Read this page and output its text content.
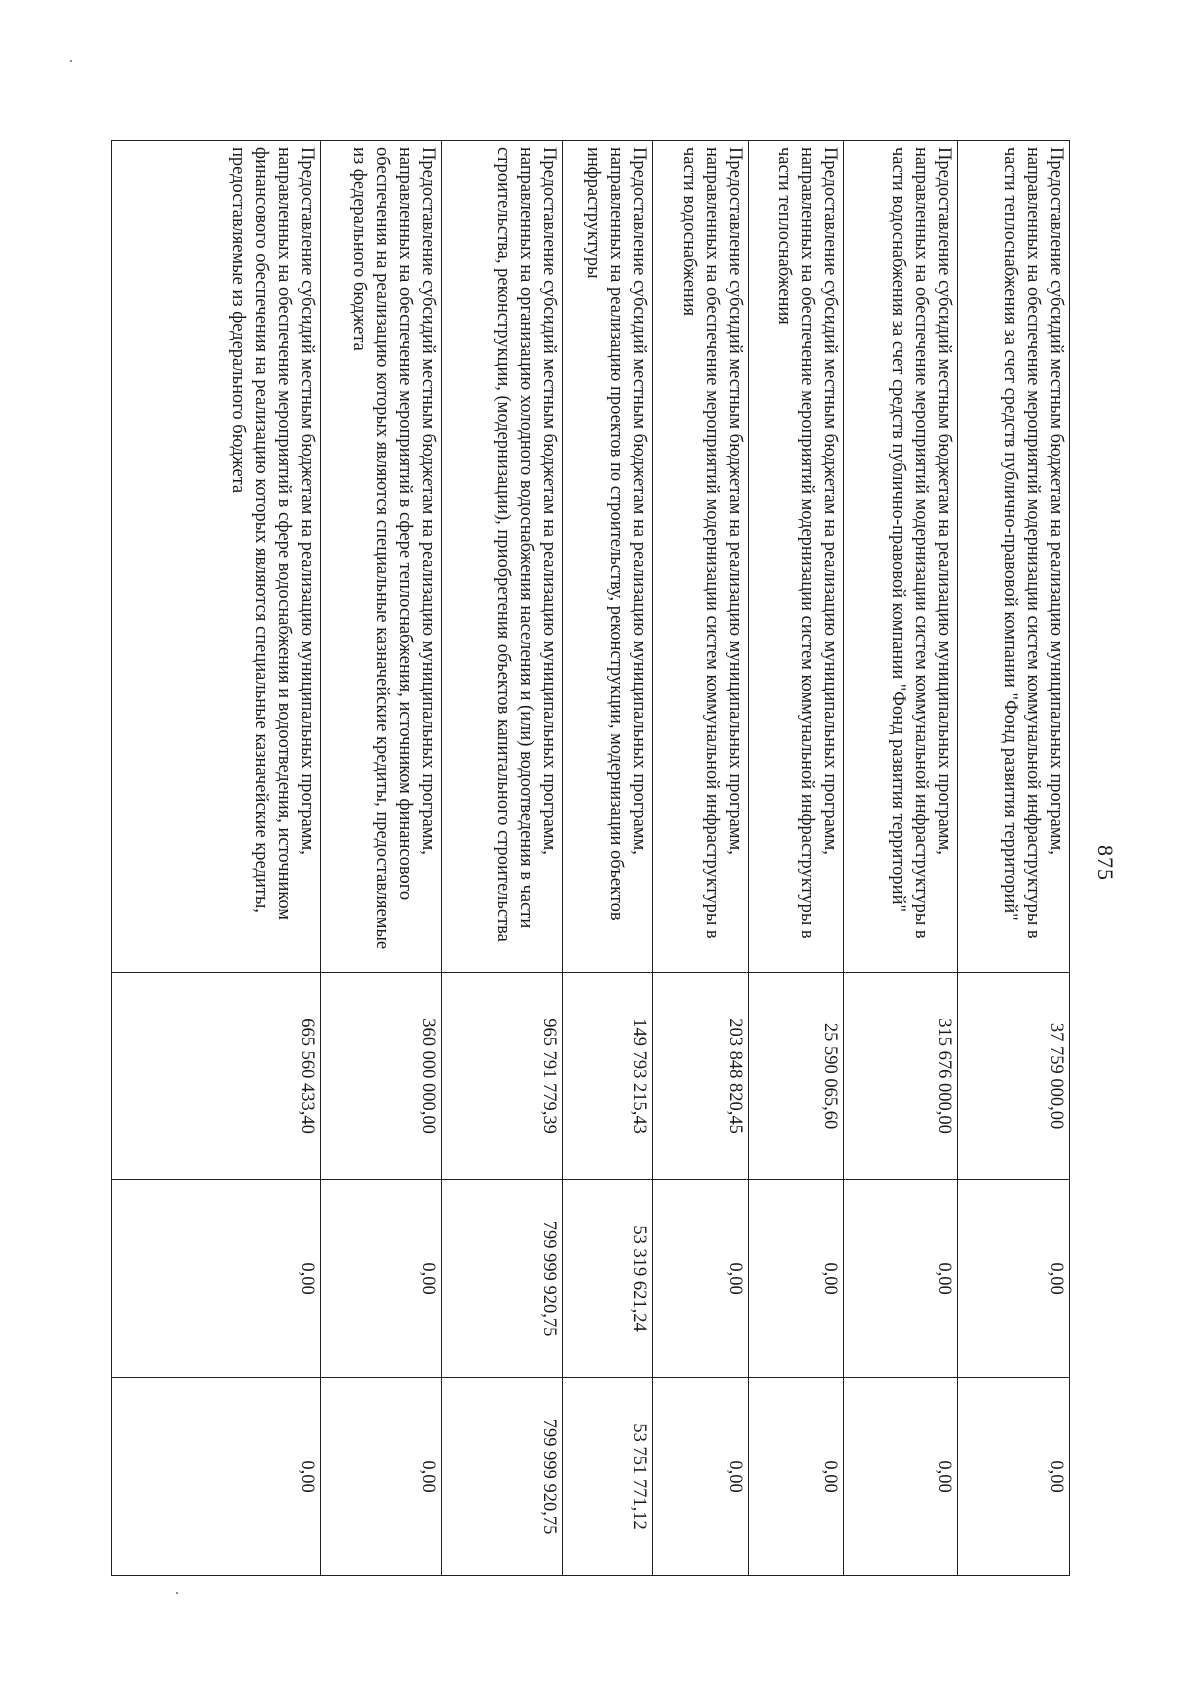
875
Предоставление субсидий местным бюджетам на реализацию муниципальных программ, направленных на обеспечение мероприятий модернизации систем коммунальной инфраструктуры в части теплоснабжения за счет средств публично-правовой компании "Фонд развития территорий"	37 759 000,00	0,00	0,00
Предоставление субсидий местным бюджетам на реализацию муниципальных программ, направленных на обеспечение мероприятий модернизации систем коммунальной инфраструктуры в части водоснабжения за счет средств публично-правовой компании "Фонд развития территорий"	315 676 000,00	0,00	0,00
Предоставление субсидий местным бюджетам на реализацию муниципальных программ, направленных на обеспечение мероприятий модернизации систем коммунальной инфраструктуры в части теплоснабжения	25 590 065,60	0,00	0,00
Предоставление субсидий местным бюджетам на реализацию муниципальных программ, направленных на обеспечение мероприятий модернизации систем коммунальной инфраструктуры в части водоснабжения	203 848 820,45	0,00	0,00
Предоставление субсидий местным бюджетам на реализацию муниципальных программ, направленных на реализацию проектов по строительству, реконструкции, модернизации объектов инфраструктуры	149 793 215,43	53 319 621,24	53 751 771,12
Предоставление субсидий местным бюджетам на реализацию муниципальных программ, направленных на организацию холодного водоснабжения населения и (или) водоотведения в части строительства, реконструкции, (модернизации), приобретения объектов капитального строительства	965 791 779,39	799 999 920,75	799 999 920,75
Предоставление субсидий местным бюджетам на реализацию муниципальных программ, направленных на обеспечение мероприятий в сфере теплоснабжения, источником финансового обеспечения на реализацию которых являются специальные казначейские кредиты, предоставляемые из федерального бюджета	360 000 000,00	0,00	0,00
Предоставление субсидий местным бюджетам на реализацию муниципальных программ, направленных на обеспечение мероприятий в сфере водоснабжения и водоотведения, источником финансового обеспечения на реализацию которых являются специальные казначейские кредиты, предоставляемые из федерального бюджета	665 560 433,40	0,00	0,00
